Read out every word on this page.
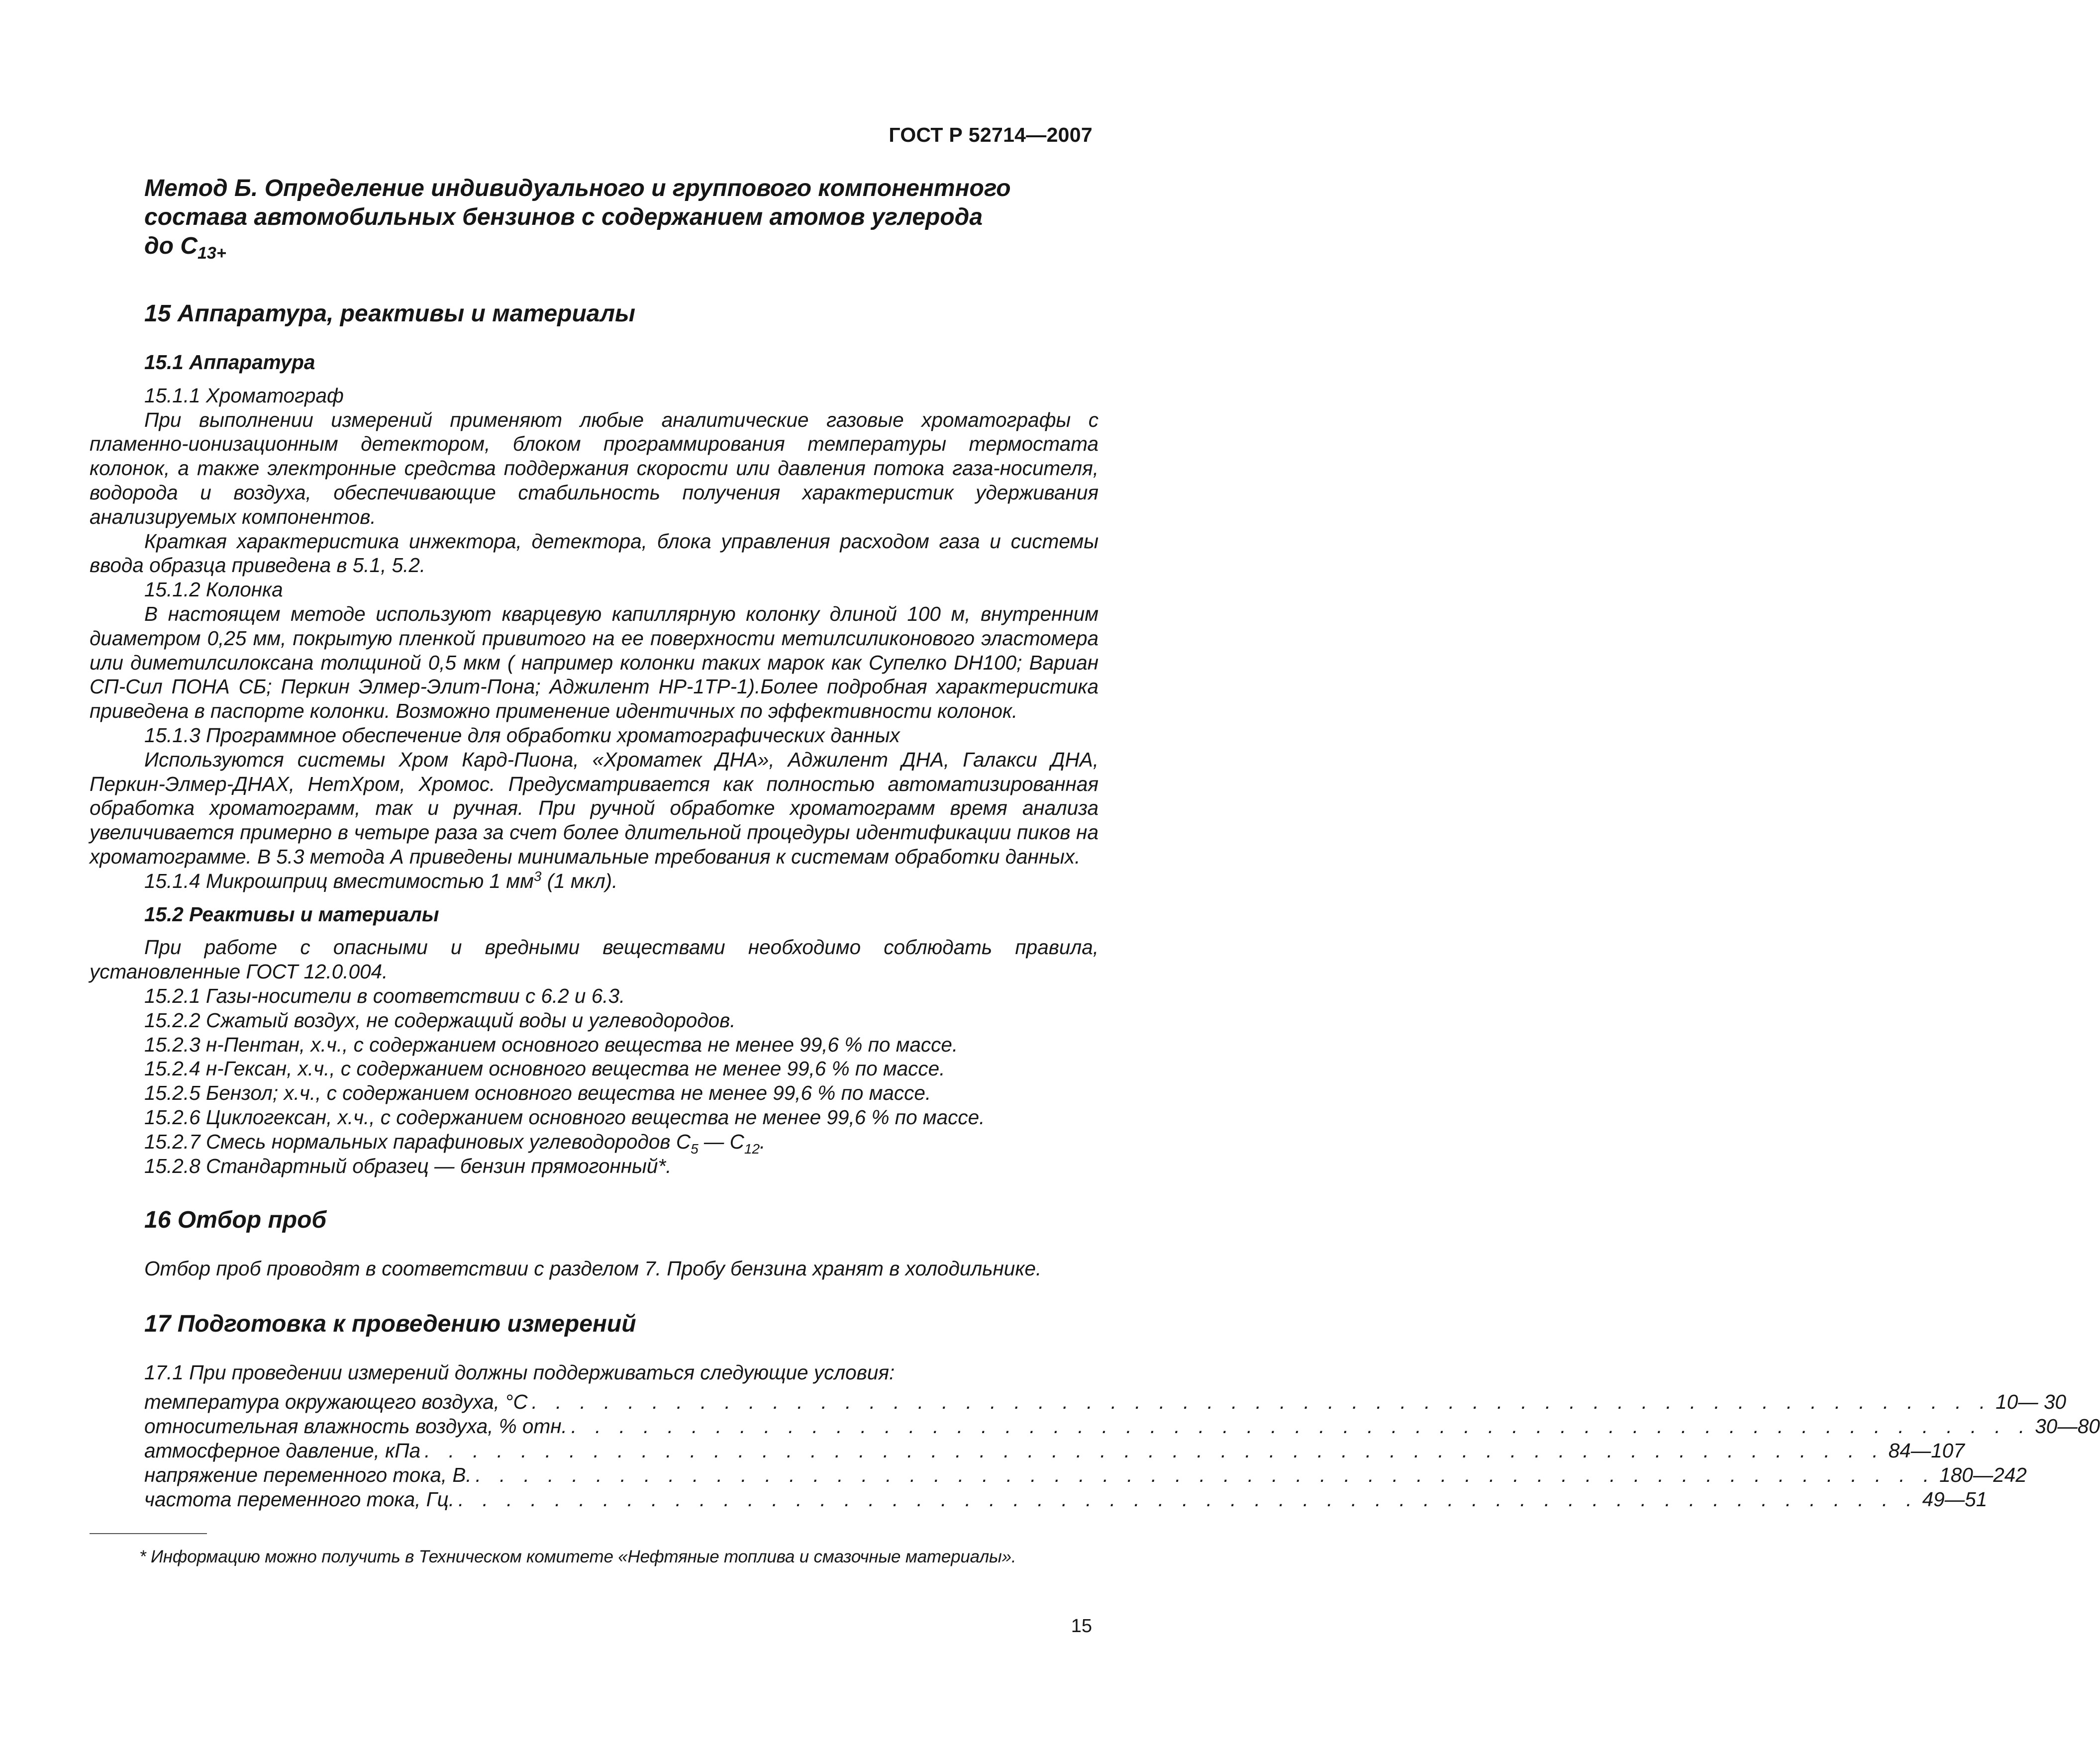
ГОСТ Р 52714—2007
Метод Б. Определение индивидуального и группового компонентного
состава автомобильных бензинов с содержанием атомов углерода
до $С_{13+}$
15 Аппаратура, реактивы и материалы
15.1 Аппаратура

15.1.1 Хроматограф

При выполнении измерений применяют любые аналитические газовые хроматографы с пламенно-ионизационным детектором, блоком программирования температуры термостата колонок, а также электронные средства поддержания скорости или давления потока газа-носителя, водорода и воздуха, обеспечивающие стабильность получения характеристик удерживания анализируемых компонентов.

Краткая характеристика инжектора, детектора, блока управления расходом газа и системы ввода образца приведена в 5.1, 5.2.

15.1.2 Колонка

В настоящем методе используют кварцевую капиллярную колонку длиной 100 м, внутренним диаметром 0,25 мм, покрытую пленкой привитого на ее поверхности метилсиликонового эластомера или диметилсилоксана толщиной 0,5 мкм ( например колонки таких марок как Супелко DH100; Вариан СП-Сил ПОНА СБ; Перкин Элмер-Элит-Пона; Аджилент HP-1TP-1).Более подробная характеристика приведена в паспорте колонки. Возможно применение идентичных по эффективности колонок.

15.1.3 Программное обеспечение для обработки хроматографических данных

Используются системы Хром Кард-Пиона, «Хроматек ДНА», Аджилент ДНА, Галакси ДНА, Перкин-Элмер-ДНАХ, НетХром, Хромос. Предусматривается как полностью автоматизированная обработка хроматограмм, так и ручная. При ручной обработке хроматограмм время анализа увеличивается примерно в четыре раза за счет более длительной процедуры идентификации пиков на хроматограмме. В 5.3 метода А приведены минимальные требования к системам обработки данных.

15.1.4 Микрошприц вместимостью 1 $мм^3$ (1 мкл).

15.2 Реактивы и материалы

При работе с опасными и вредными веществами необходимо соблюдать правила, установленные ГОСТ 12.0.004.

15.2.1 Газы-носители в соответствии с 6.2 и 6.3.

15.2.2 Сжатый воздух, не содержащий воды и углеводородов.

15.2.3 н-Пентан, х.ч., с содержанием основного вещества не менее 99,6 % по массе.

15.2.4 н-Гексан, х.ч., с содержанием основного вещества не менее 99,6 % по массе.

15.2.5 Бензол; х.ч., с содержанием основного вещества не менее 99,6 % по массе.

15.2.6 Циклогексан, х.ч., с содержанием основного вещества не менее 99,6 % по массе.

15.2.7 Смесь нормальных парафиновых углеводородов $С_5$ — $С_{12}$.

15.2.8 Стандартный образец — бензин прямогонный*.

16 Отбор проб

Отбор проб проводят в соответствии с разделом 7. Пробу бензина хранят в холодильнике.

17 Подготовка к проведению измерений

17.1 При проведении измерений должны поддерживаться следующие условия:

температура окружающего воздуха, °С . . . . . . . . . . . . . . . . . . . . . . . . . . . . . . . . . . . . . . . . . . . . . . . . . . . . . . . . . . . . . 10— 30
относительная влажность воздуха, % отн. . . . . . . . . . . . . . . . . . . . . . . . . . . . . . . . . . . . . . . . . . . . . . . . . . . . . . . . . . . . . . 30—80
атмосферное давление, кПа . . . . . . . . . . . . . . . . . . . . . . . . . . . . . . . . . . . . . . . . . . . . . . . . . . . . . . . . . . . . . 84—107
напряжение переменного тока, В. . . . . . . . . . . . . . . . . . . . . . . . . . . . . . . . . . . . . . . . . . . . . . . . . . . . . . . . . . . . . . 180—242
частота переменного тока, Гц. . . . . . . . . . . . . . . . . . . . . . . . . . . . . . . . . . . . . . . . . . . . . . . . . . . . . . . . . . . . . . 49—51
* Информацию можно получить в Техническом комитете «Нефтяные топлива и смазочные материалы».
15
